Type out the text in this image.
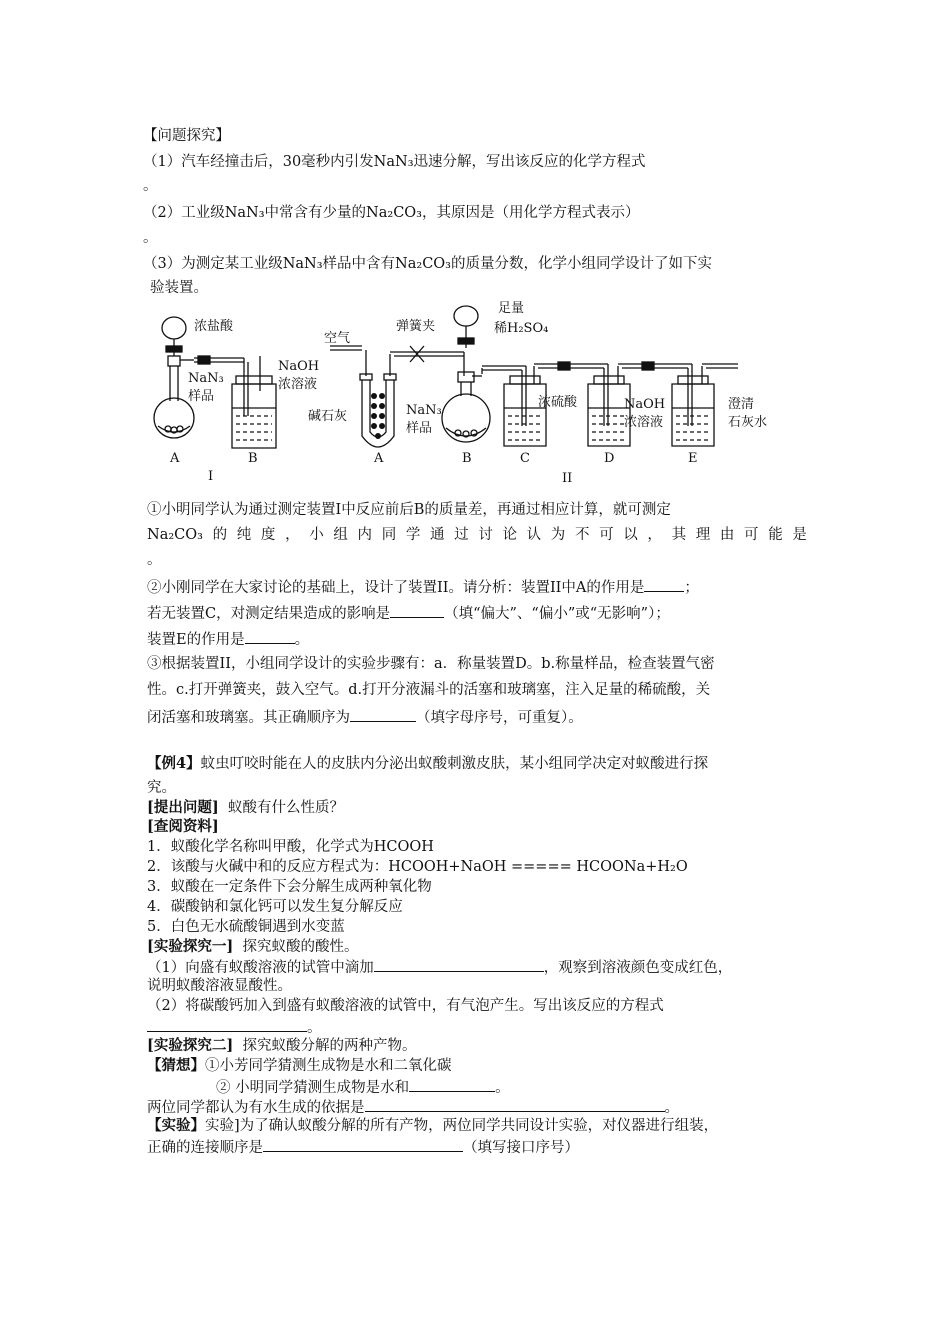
【问题探究】
（1）汽车经撞击后，30毫秒内引发NaN₃迅速分解，写出该反应的化学方程式
。
（2）工业级NaN₃中常含有少量的Na₂CO₃，其原因是（用化学方程式表示）
。
（3）为测定某工业级NaN₃样品中含有Na₂CO₃的质量分数，化学小组同学设计了如下实
验装置。
浓盐酸
NaN₃
样品
NaOH
浓溶液
空气
弹簧夹
足量
稀H₂SO₄
碱石灰	NaN₃
样品
浓硫酸	NaOH
浓溶液
澄清
石灰水
A	B	A	B	C	D	E
I	II
①小明同学认为通过测定装置I中反应前后B的质量差，再通过相应计算，就可测定
Na₂CO₃ 的 纯 度 ， 小 组 内 同 学 通 过 讨 论 认 为 不 可 以 ， 其 理 由 可 能 是
。
②小刚同学在大家讨论的基础上，设计了装置II。请分析：装置II中A的作用是	；
若无装置C，对测定结果造成的影响是	（填“偏大”、“偏小”或“无影响”）；
装置E的作用是	。
③根据装置II，小组同学设计的实验步骤有：a．称量装置D。b.称量样品，检查装置气密
性。c.打开弹簧夹，鼓入空气。d.打开分液漏斗的活塞和玻璃塞，注入足量的稀硫酸，关
闭活塞和玻璃塞。其正确顺序为	（填字母序号，可重复）。
【例4】蚊虫叮咬时能在人的皮肤内分泌出蚁酸刺激皮肤，某小组同学决定对蚁酸进行探
究。
[提出问题] 蚁酸有什么性质？
[查阅资料]
1．蚁酸化学名称叫甲酸，化学式为HCOOH
2．该酸与火碱中和的反应方程式为：HCOOH+NaOH ===== HCOONa+H₂O
3．蚁酸在一定条件下会分解生成两种氧化物
4．碳酸钠和氯化钙可以发生复分解反应
5．白色无水硫酸铜遇到水变蓝
[实验探究一] 探究蚁酸的酸性。
（1）向盛有蚁酸溶液的试管中滴加	，观察到溶液颜色变成红色，
说明蚁酸溶液显酸性。
（2）将碳酸钙加入到盛有蚁酸溶液的试管中，有气泡产生。写出该反应的方程式
。
[实验探究二] 探究蚁酸分解的两种产物。
【猜想】①小芳同学猜测生成物是水和二氧化碳
② 小明同学猜测生成物是水和	。
两位同学都认为有水生成的依据是	。
【实验】实验]为了确认蚁酸分解的所有产物，两位同学共同设计实验，对仪器进行组装，
正确的连接顺序是	（填写接口序号）
